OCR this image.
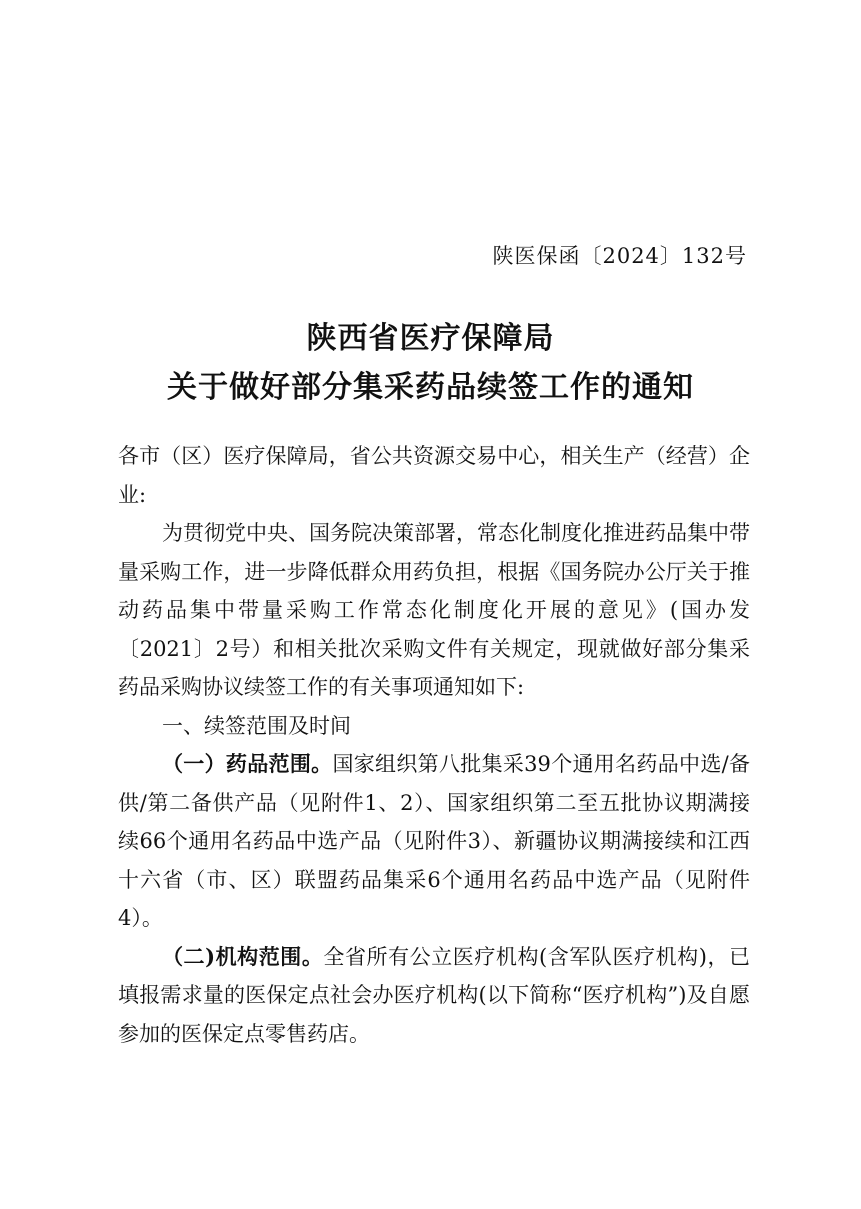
陕医保函〔2024〕132号
陕西省医疗保障局
关于做好部分集采药品续签工作的通知

各市（区）医疗保障局，省公共资源交易中心，相关生产（经营）企业:

为贯彻党中央、国务院决策部署，常态化制度化推进药品集中带量采购工作，进一步降低群众用药负担，根据《国务院办公厅关于推动药品集中带量采购工作常态化制度化开展的意见》(国办发〔2021〕2号）和相关批次采购文件有关规定，现就做好部分集采药品采购协议续签工作的有关事项通知如下:

一、续签范围及时间

（一）药品范围。国家组织第八批集采39个通用名药品中选/备供/第二备供产品（见附件1、2）、国家组织第二至五批协议期满接续66个通用名药品中选产品（见附件3）、新疆协议期满接续和江西十六省（市、区）联盟药品集采6个通用名药品中选产品（见附件4）。

（二)机构范围。全省所有公立医疗机构(含军队医疗机构)，已填报需求量的医保定点社会办医疗机构(以下简称“医疗机构”)及自愿参加的医保定点零售药店。
